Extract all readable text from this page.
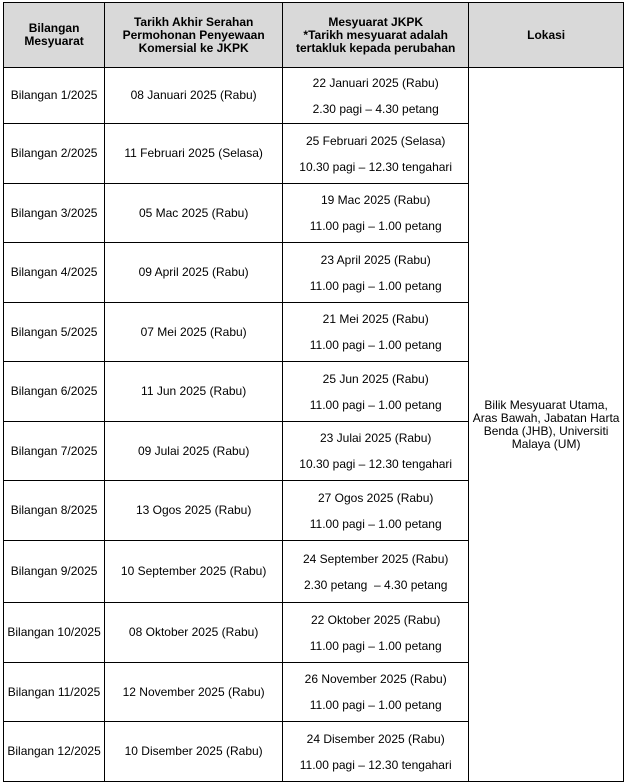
Bilangan Mesyuarat	Tarikh Akhir Serahan Permohonan Penyewaan Komersial ke JKPK	Mesyuarat JKPK
*Tarikh mesyuarat adalah tertakluk kepada perubahan	Lokasi
Bilangan 1/2025	08 Januari 2025 (Rabu)	22 Januari 2025 (Rabu)
2.30 pagi – 4.30 petang	Bilik Mesyuarat Utama, Aras Bawah, Jabatan Harta Benda (JHB), Universiti Malaya (UM)
Bilangan 2/2025	11 Februari 2025 (Selasa)	25 Februari 2025 (Selasa)
10.30 pagi – 12.30 tengahari	

Bilangan 3/2025	05 Mac 2025 (Rabu)	19 Mac 2025 (Rabu)
11.00 pagi – 1.00 petang	

Bilangan 4/2025	09 April 2025 (Rabu)	23 April 2025 (Rabu)
11.00 pagi – 1.00 petang	

Bilangan 5/2025	07 Mei 2025 (Rabu)	21 Mei 2025 (Rabu)
11.00 pagi – 1.00 petang	

Bilangan 6/2025	11 Jun 2025 (Rabu)	25 Jun 2025 (Rabu)
11.00 pagi – 1.00 petang	

Bilangan 7/2025	09 Julai 2025 (Rabu)	23 Julai 2025 (Rabu)
10.30 pagi – 12.30 tengahari	

Bilangan 8/2025	13 Ogos 2025 (Rabu)	27 Ogos 2025 (Rabu)
11.00 pagi – 1.00 petang	

Bilangan 9/2025	10 September 2025 (Rabu)	24 September 2025 (Rabu)
2.30 petang  – 4.30 petang	

Bilangan 10/2025	08 Oktober 2025 (Rabu)	22 Oktober 2025 (Rabu)
11.00 pagi – 1.00 petang	

Bilangan 11/2025	12 November 2025 (Rabu)	26 November 2025 (Rabu)
11.00 pagi – 1.00 petang	

Bilangan 12/2025	10 Disember 2025 (Rabu)	24 Disember 2025 (Rabu)
11.00 pagi – 12.30 tengahari	
